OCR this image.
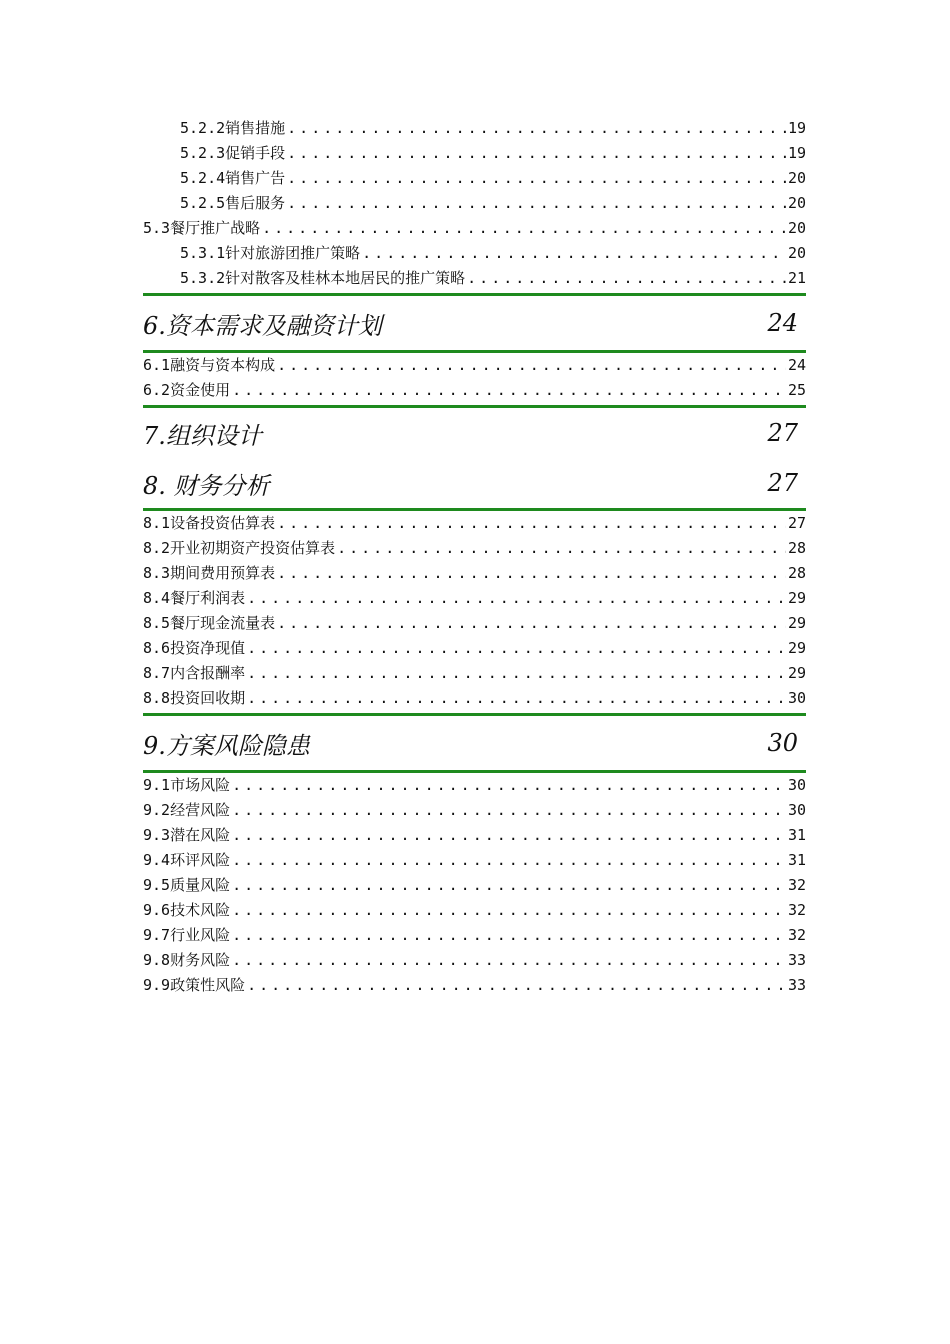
5.2.2销售措施 .....	19
5.2.3促销手段 .....	19
5.2.4销售广告 .....	20
5.2.5售后服务 .....	20
5.3餐厅推广战略 .....	20
5.3.1针对旅游团推广策略 .....	20
5.3.2针对散客及桂林本地居民的推广策略 .....	21
6.资本需求及融资计划	24
6.1融资与资本构成 .....	24
6.2资金使用 .....	25
7.组织设计	27
8. 财务分析	27
8.1设备投资估算表 .....	27
8.2开业初期资产投资估算表 .....	28
8.3期间费用预算表 .....	28
8.4餐厅利润表 .....	29
8.5餐厅现金流量表 .....	29
8.6投资净现值 .....	29
8.7内含报酬率 .....	29
8.8投资回收期 .....	30
9.方案风险隐患	30
9.1市场风险 .....	30
9.2经营风险 .....	30
9.3潜在风险 .....	31
9.4环评风险 .....	31
9.5质量风险 .....	32
9.6技术风险 .....	32
9.7行业风险 .....	32
9.8财务风险 .....	33
9.9政策性风险 .....	33
